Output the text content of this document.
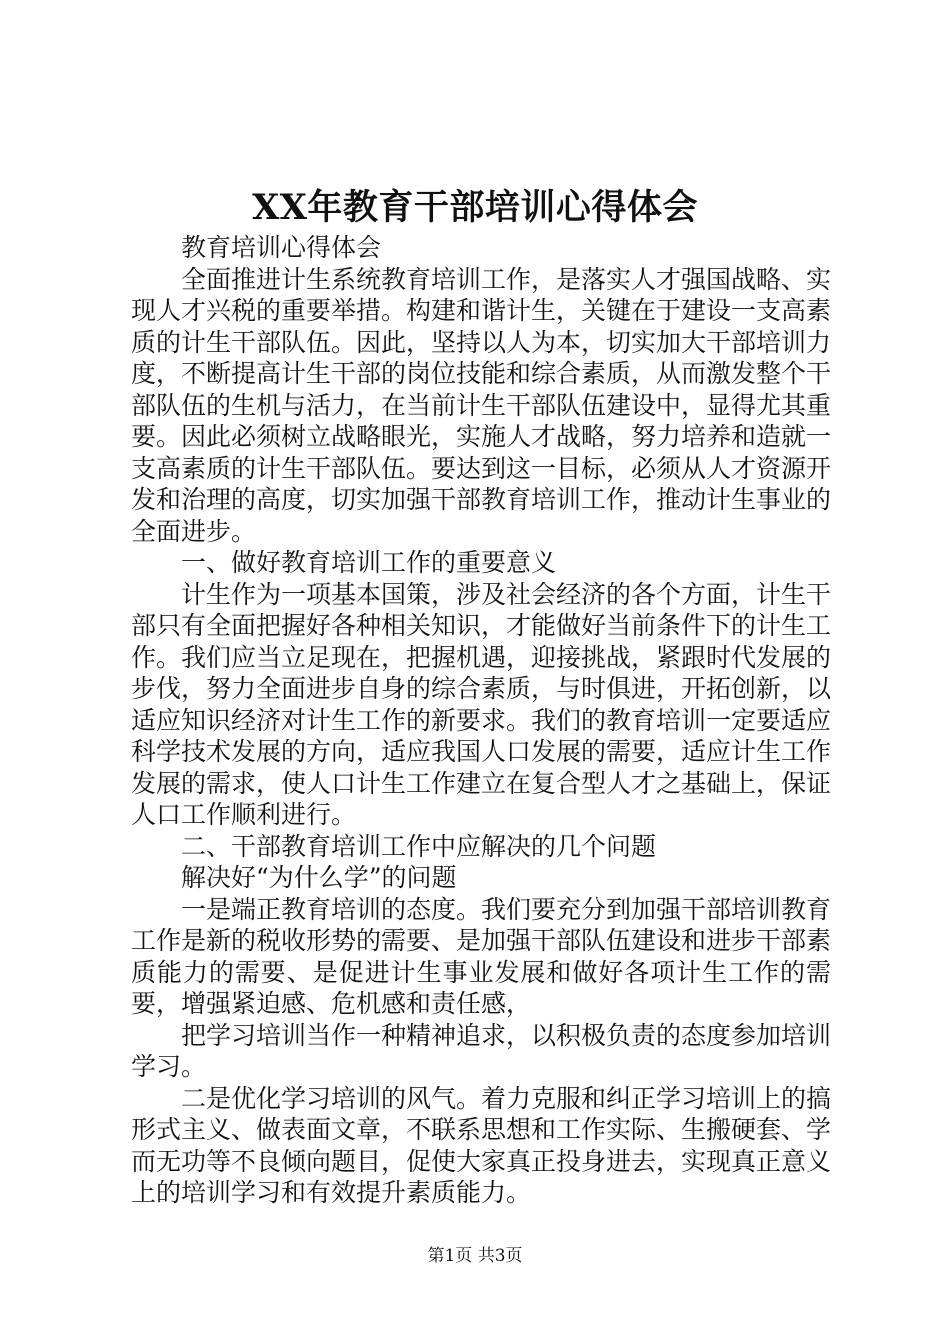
XX年教育干部培训心得体会

教育培训心得体会

全面推进计生系统教育培训工作，是落实人才强国战略、实现人才兴税的重要举措。构建和谐计生，关键在于建设一支高素质的计生干部队伍。因此，坚持以人为本，切实加大干部培训力度，不断提高计生干部的岗位技能和综合素质，从而激发整个干部队伍的生机与活力，在当前计生干部队伍建设中，显得尤其重要。因此必须树立战略眼光，实施人才战略，努力培养和造就一支高素质的计生干部队伍。要达到这一目标，必须从人才资源开发和治理的高度，切实加强干部教育培训工作，推动计生事业的全面进步。

一、做好教育培训工作的重要意义

计生作为一项基本国策，涉及社会经济的各个方面，计生干部只有全面把握好各种相关知识，才能做好当前条件下的计生工作。我们应当立足现在，把握机遇，迎接挑战，紧跟时代发展的步伐，努力全面进步自身的综合素质，与时俱进，开拓创新，以适应知识经济对计生工作的新要求。我们的教育培训一定要适应科学技术发展的方向，适应我国人口发展的需要，适应计生工作发展的需求，使人口计生工作建立在复合型人才之基础上，保证人口工作顺利进行。

二、干部教育培训工作中应解决的几个问题

解决好“为什么学”的问题

一是端正教育培训的态度。我们要充分到加强干部培训教育工作是新的税收形势的需要、是加强干部队伍建设和进步干部素质能力的需要、是促进计生事业发展和做好各项计生工作的需要，增强紧迫感、危机感和责任感，

把学习培训当作一种精神追求，以积极负责的态度参加培训学习。

二是优化学习培训的风气。着力克服和纠正学习培训上的搞形式主义、做表面文章，不联系思想和工作实际、生搬硬套、学而无功等不良倾向题目，促使大家真正投身进去，实现真正意义上的培训学习和有效提升素质能力。

第1页 共3页
